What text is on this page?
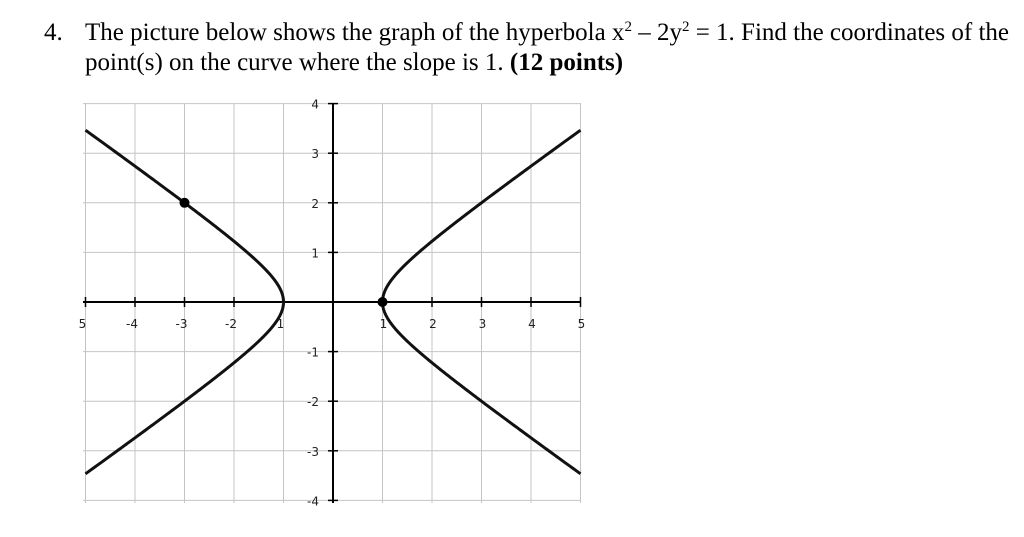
4. The picture below shows the graph of the hyperbola $x^2 - 2y^2 = 1$. Find the coordinates of the
point(s) on the curve where the slope is 1. (12 points)
5	-4	-3	-2	1	1	2	3	4	5
4
3
2
1
-1
-2
-3
-4
